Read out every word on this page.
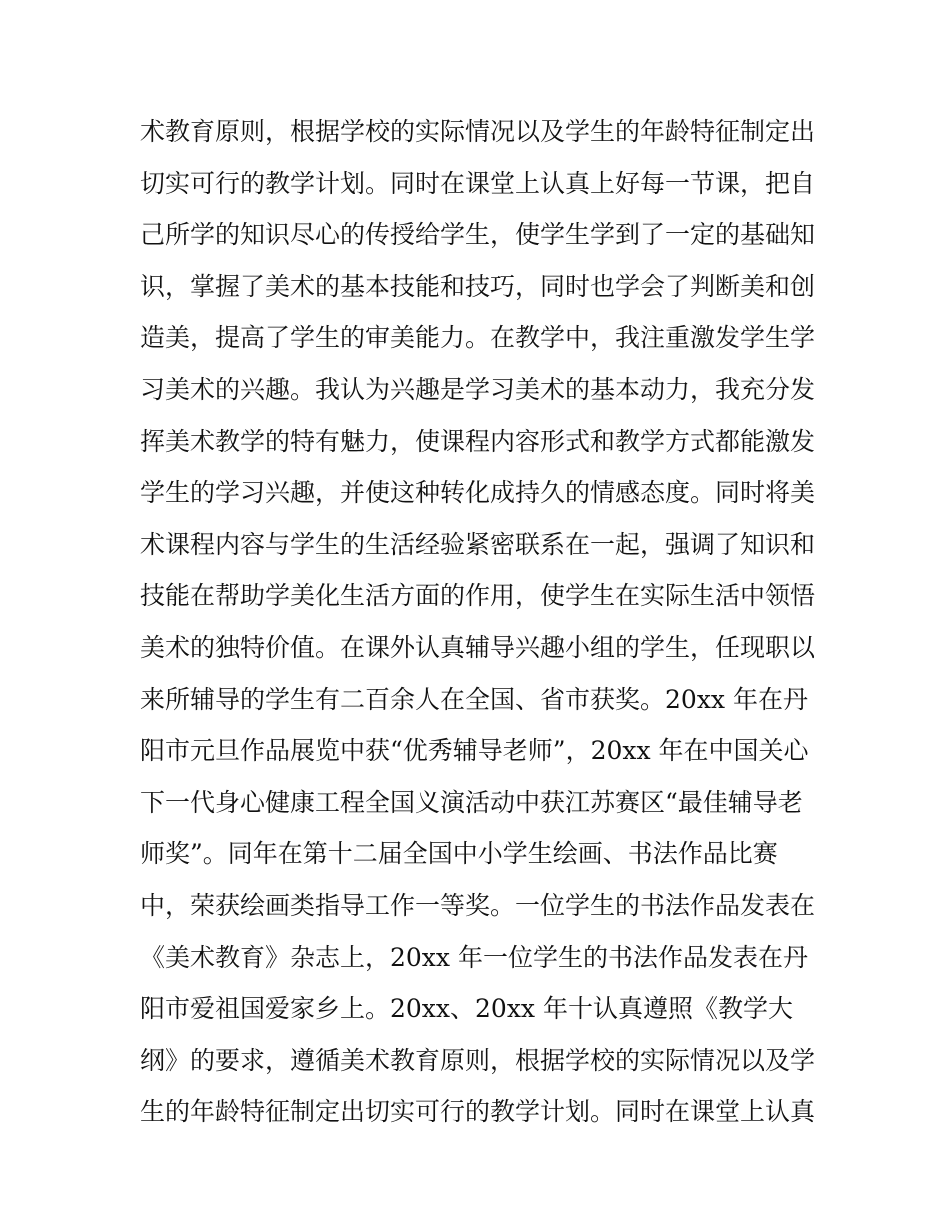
术教育原则，根据学校的实际情况以及学生的年龄特征制定出
切实可行的教学计划。同时在课堂上认真上好每一节课，把自
己所学的知识尽心的传授给学生，使学生学到了一定的基础知
识，掌握了美术的基本技能和技巧，同时也学会了判断美和创
造美，提高了学生的审美能力。在教学中，我注重激发学生学
习美术的兴趣。我认为兴趣是学习美术的基本动力，我充分发
挥美术教学的特有魅力，使课程内容形式和教学方式都能激发
学生的学习兴趣，并使这种转化成持久的情感态度。同时将美
术课程内容与学生的生活经验紧密联系在一起，强调了知识和
技能在帮助学美化生活方面的作用，使学生在实际生活中领悟
美术的独特价值。在课外认真辅导兴趣小组的学生，任现职以
来所辅导的学生有二百余人在全国、省市获奖。20xx 年在丹
阳市元旦作品展览中获“优秀辅导老师”，20xx 年在中国关心
下一代身心健康工程全国义演活动中获江苏赛区“最佳辅导老
师奖”。同年在第十二届全国中小学生绘画、书法作品比赛
中，荣获绘画类指导工作一等奖。一位学生的书法作品发表在
《美术教育》杂志上，20xx 年一位学生的书法作品发表在丹
阳市爱祖国爱家乡上。20xx、20xx 年十认真遵照《教学大
纲》的要求，遵循美术教育原则，根据学校的实际情况以及学
生的年龄特征制定出切实可行的教学计划。同时在课堂上认真
